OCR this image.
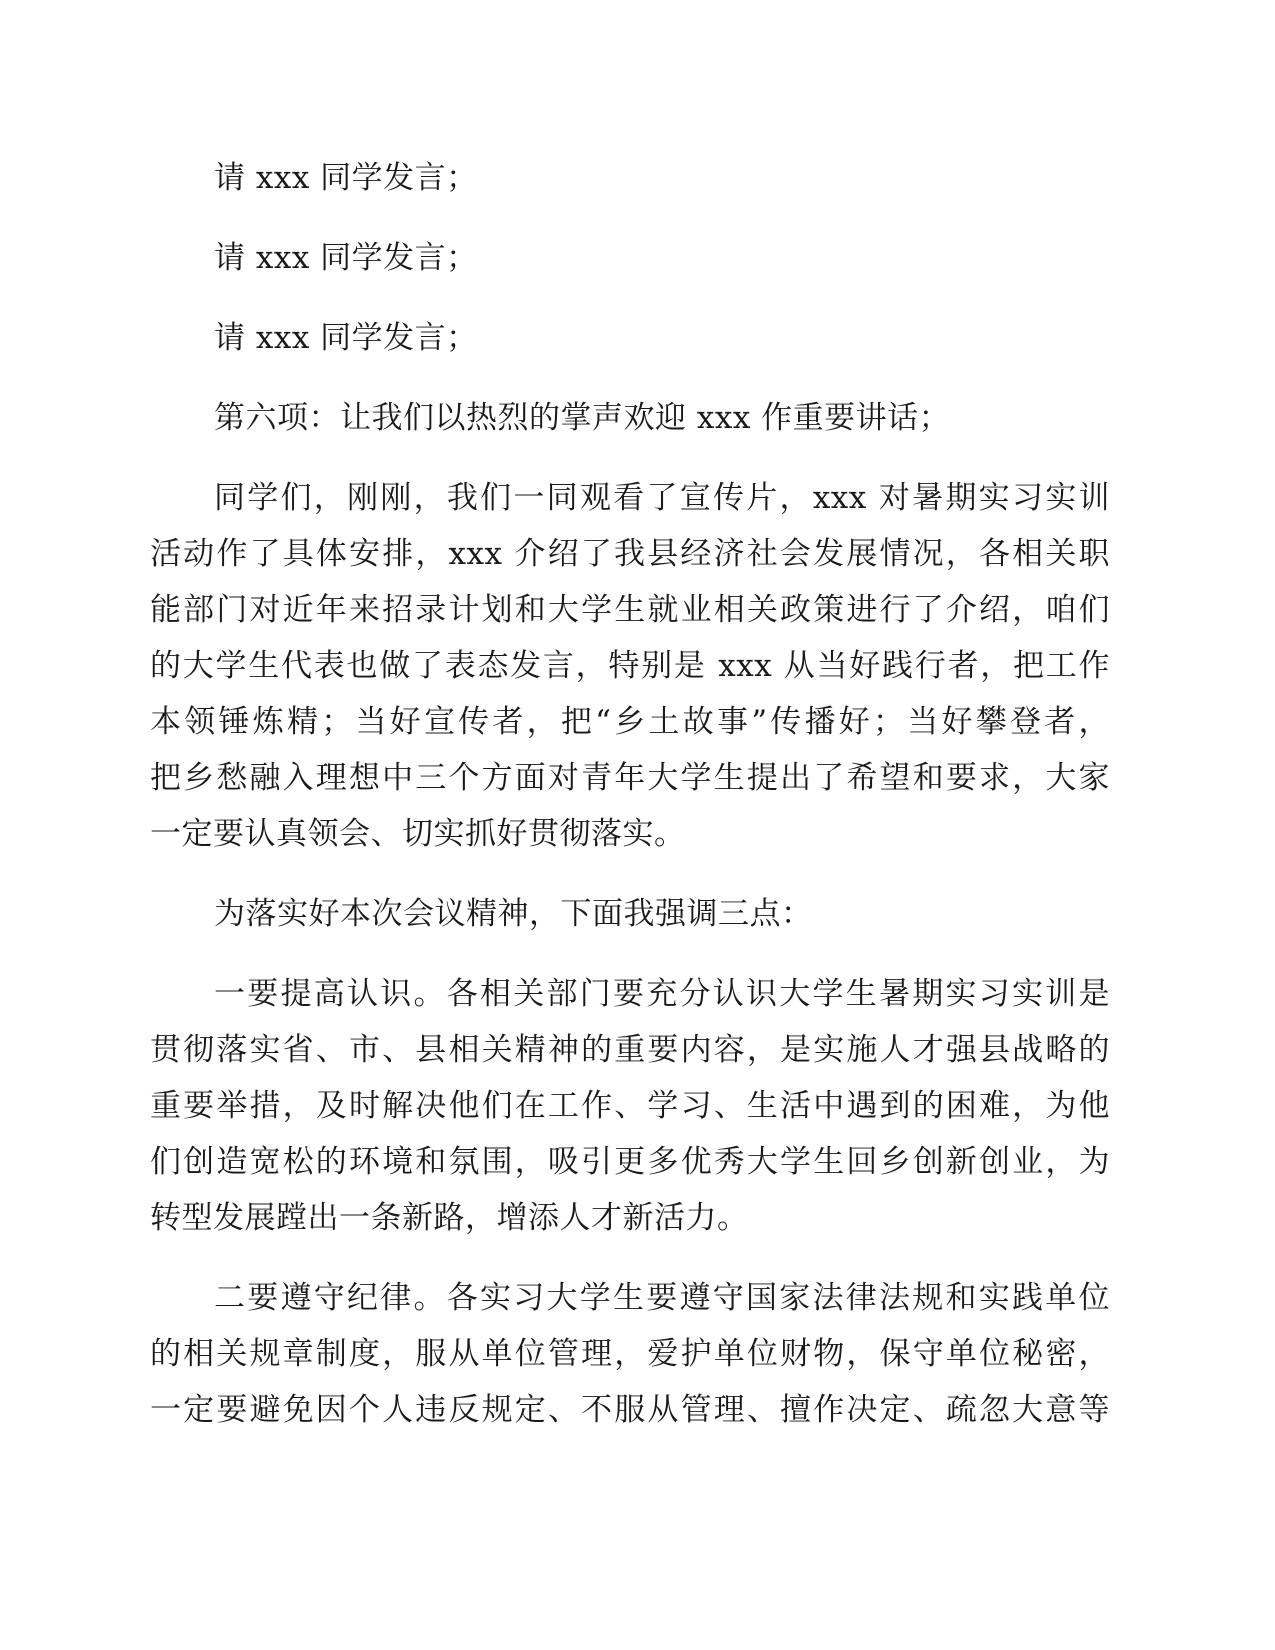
请 xxx 同学发言；
请 xxx 同学发言；
请 xxx 同学发言；
第六项：让我们以热烈的掌声欢迎 xxx 作重要讲话；
同学们，刚刚，我们一同观看了宣传片，xxx 对暑期实习实训
活动作了具体安排，xxx 介绍了我县经济社会发展情况，各相关职
能部门对近年来招录计划和大学生就业相关政策进行了介绍，咱们
的大学生代表也做了表态发言，特别是 xxx 从当好践行者，把工作
本领锤炼精；当好宣传者，把“乡土故事”传播好；当好攀登者，
把乡愁融入理想中三个方面对青年大学生提出了希望和要求，大家
一定要认真领会、切实抓好贯彻落实。
为落实好本次会议精神，下面我强调三点：
一要提高认识。各相关部门要充分认识大学生暑期实习实训是
贯彻落实省、市、县相关精神的重要内容，是实施人才强县战略的
重要举措，及时解决他们在工作、学习、生活中遇到的困难，为他
们创造宽松的环境和氛围，吸引更多优秀大学生回乡创新创业，为
转型发展蹚出一条新路，增添人才新活力。
二要遵守纪律。各实习大学生要遵守国家法律法规和实践单位
的相关规章制度，服从单位管理，爱护单位财物，保守单位秘密，
一定要避免因个人违反规定、不服从管理、擅作决定、疏忽大意等
